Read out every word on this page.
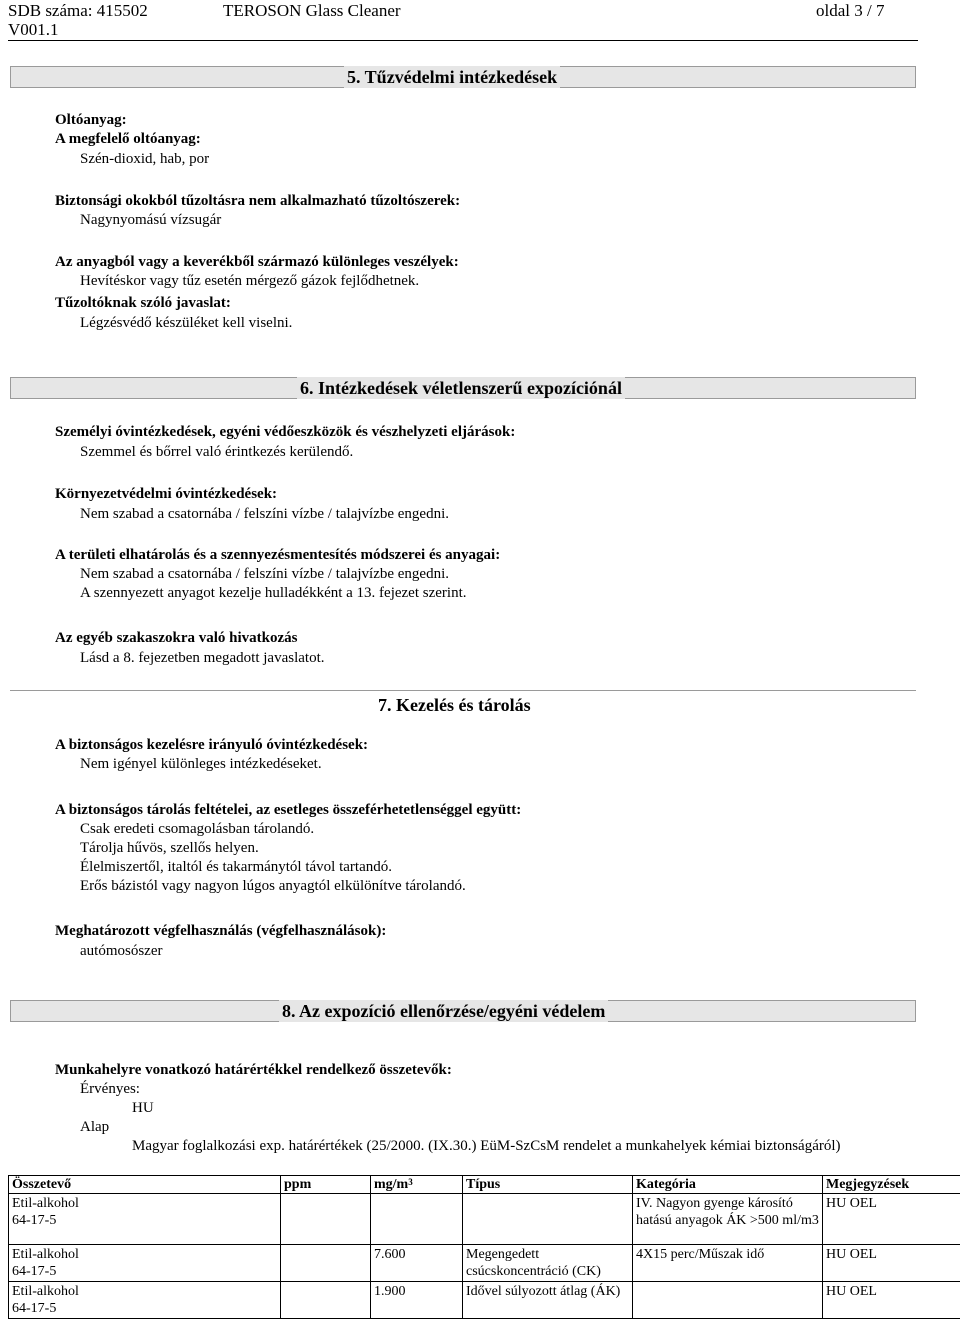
SDB száma: 415502
V001.1
TEROSON Glass Cleaner	oldal 3 / 7
5. Tűzvédelmi intézkedések
Oltóanyag:
A megfelelő oltóanyag:
Szén-dioxid, hab, por
Biztonsági okokból tűzoltásra nem alkalmazható tűzoltószerek:
Nagynyomású vízsugár
Az anyagból vagy a keverékből származó különleges veszélyek:
Hevítéskor vagy tűz esetén mérgező gázok fejlődhetnek.
Tűzoltóknak szóló javaslat:
Légzésvédő készüléket kell viselni.
6. Intézkedések véletlenszerű expozíciónál
Személyi óvintézkedések, egyéni védőeszközök és vészhelyzeti eljárások:
Szemmel és bőrrel való érintkezés kerülendő.
Környezetvédelmi óvintézkedések:
Nem szabad a csatornába / felszíni vízbe / talajvízbe engedni.
A területi elhatárolás és a szennyezésmentesítés módszerei és anyagai:
Nem szabad a csatornába / felszíni vízbe / talajvízbe engedni.
A szennyezett anyagot kezelje hulladékként a 13. fejezet szerint.
Az egyéb szakaszokra való hivatkozás
Lásd a 8. fejezetben megadott javaslatot.
7. Kezelés és tárolás
A biztonságos kezelésre irányuló óvintézkedések:
Nem igényel különleges intézkedéseket.
A biztonságos tárolás feltételei, az esetleges összeférhetetlenséggel együtt:
Csak eredeti csomagolásban tárolandó.
Tárolja hűvös, szellős helyen.
Élelmiszertől, italtól és takarmánytól távol tartandó.
Erős bázistól vagy nagyon lúgos anyagtól elkülönítve tárolandó.
Meghatározott végfelhasználás (végfelhasználások):
autómosószer
8. Az expozíció ellenőrzése/egyéni védelem
Munkahelyre vonatkozó határértékkel rendelkező összetevők:
Érvényes:
HU
Alap
Magyar foglalkozási exp. határértékek (25/2000. (IX.30.) EüM-SzCsM rendelet a munkahelyek kémiai biztonságáról)
Összetevő	ppm	$mg/m^3$	Típus	Kategória	Megjegyzések

Etil-alkohol
64-17-5				IV. Nagyon gyenge károsító hatású anyagok ÁK >500 ml/m3	HU OEL

Etil-alkohol
64-17-5		7.600	Megengedett csúcskoncentráció (CK)	4X15 perc/Műszak idő	HU OEL

Etil-alkohol
64-17-5		1.900	Idővel súlyozott átlag (ÁK)		HU OEL
